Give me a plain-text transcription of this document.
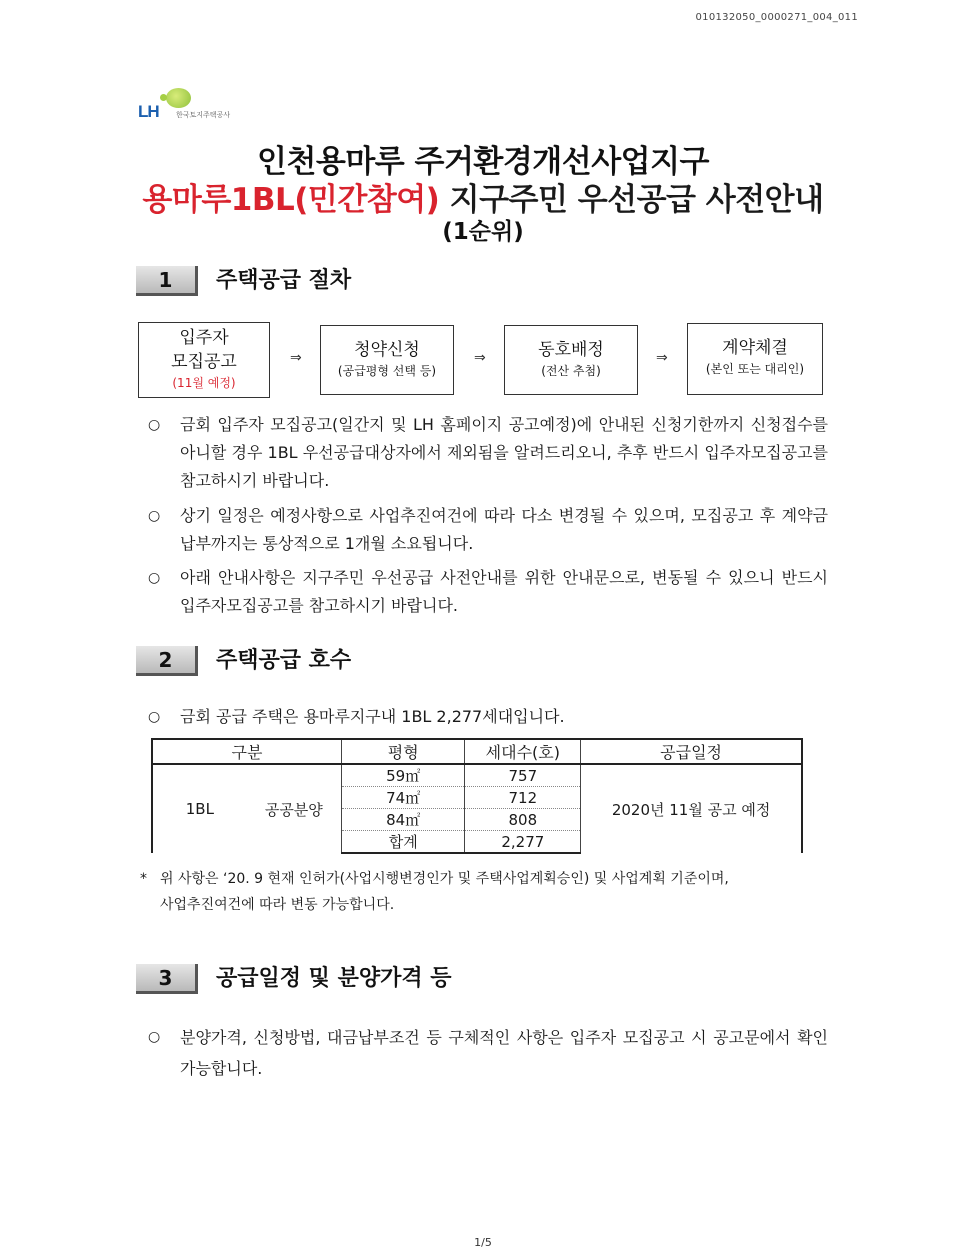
010132050_0000271_004_011
LH 한국토지주택공사
인천용마루 주거환경개선사업지구
용마루1BL(민간참여) 지구주민 우선공급 사전안내
(1순위)
1	주택공급 절차
입주자
모집공고
(11월 예정)
⇒	청약신청
(공급평형 선택 등)
⇒	동호배정
(전산 추첨)
⇒	계약체결
(본인 또는 대리인)
○ 금회 입주자 모집공고(일간지 및 LH 홈페이지 공고예정)에 안내된 신청기한까지 신청접수를 아니할 경우 1BL 우선공급대상자에서 제외됨을 알려드리오니, 추후 반드시 입주자모집공고를 참고하시기 바랍니다.
○ 상기 일정은 예정사항으로 사업추진여건에 따라 다소 변경될 수 있으며, 모집공고 후 계약금 납부까지는 통상적으로 1개월 소요됩니다.
○ 아래 안내사항은 지구주민 우선공급 사전안내를 위한 안내문으로, 변동될 수 있으니 반드시 입주자모집공고를 참고하시기 바랍니다.
2	주택공급 호수
○ 금회 공급 주택은 용마루지구내 1BL 2,277세대입니다.
구분		평형	세대수(호)	공급일정
1BL	공공분양	59㎡	757	2020년 11월 공고 예정
		74㎡	712	
		84㎡	808	
		합계	2,277	
* 위 사항은 ‘20. 9 현재 인허가(사업시행변경인가 및 주택사업계획승인) 및 사업계획 기준이며,
사업추진여건에 따라 변동 가능합니다.
3	공급일정 및 분양가격 등
○ 분양가격, 신청방법, 대금납부조건 등 구체적인 사항은 입주자 모집공고 시 공고문에서 확인 가능합니다.
1/5
